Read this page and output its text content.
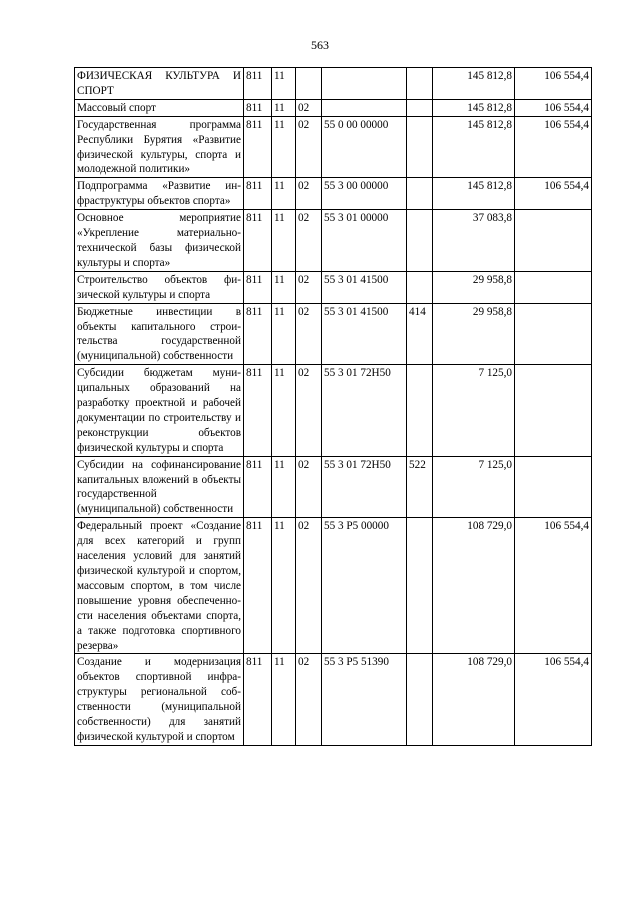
563
ФИЗИЧЕСКАЯ КУЛЬТУРА И СПОРТ	811	11				145 812,8	106 554,4
Массовый спорт	811	11	02			145 812,8	106 554,4
Государственная программа Республики Бурятия «Развитие физической культуры, спорта и молодежной политики»	811	11	02	55 0 00 00000		145 812,8	106 554,4
Подпрограмма «Развитие инфраструктуры объектов спорта»	811	11	02	55 3 00 00000		145 812,8	106 554,4
Основное мероприятие «Укрепление материально-технической базы физической культуры и спорта»	811	11	02	55 3 01 00000		37 083,8	
Строительство объектов физической культуры и спорта	811	11	02	55 3 01 41500		29 958,8	
Бюджетные инвестиции в объекты капитального строительства государственной (муниципальной) собственности	811	11	02	55 3 01 41500	414	29 958,8	
Субсидии бюджетам муниципальных образований на разработку проектной и рабочей документации по строительству и реконструкции объектов физической культуры и спорта	811	11	02	55 3 01 72Н50		7 125,0	
Субсидии на софинансирование капитальных вложений в объекты государственной (муниципальной) собственности	811	11	02	55 3 01 72Н50	522	7 125,0	
Федеральный проект «Создание для всех категорий и групп населения условий для занятий физической культурой и спортом, массовым спортом, в том числе повышение уровня обеспеченности населения объектами спорта, а также подготовка спортивного резерва»	811	11	02	55 3 P5 00000		108 729,0	106 554,4
Создание и модернизация объектов спортивной инфраструктуры региональной собственности (муниципальной собственности) для занятий физической культурой и спортом	811	11	02	55 3 P5 51390		108 729,0	106 554,4
